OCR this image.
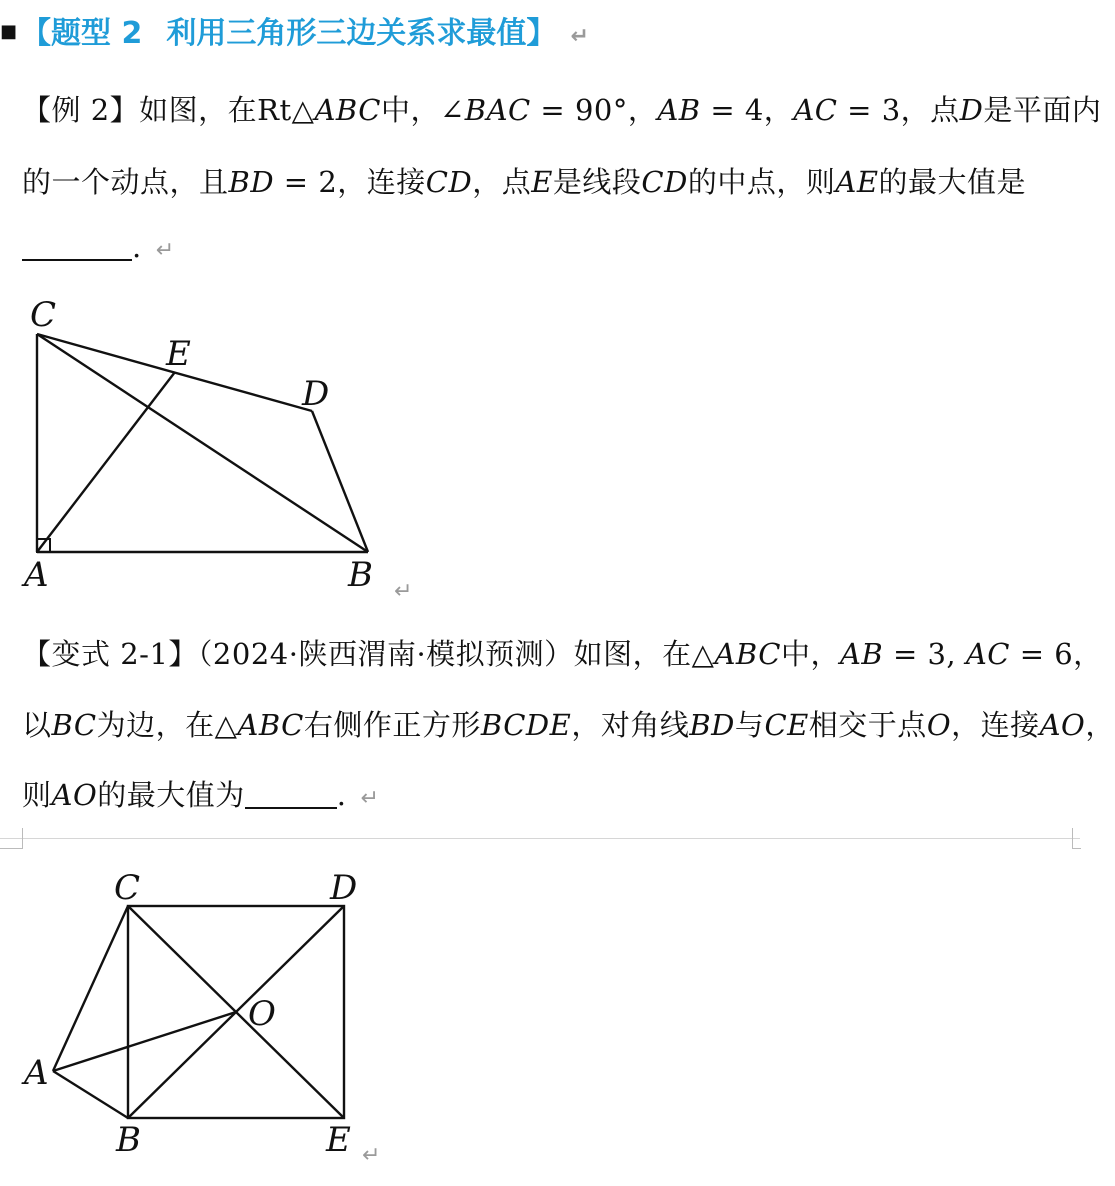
■ 【题型 2 利用三角形三边关系求最值】 ↵
【例 2】如图，在Rt△ABC中，∠BAC = 90°，AB = 4，AC = 3，点D是平面内
的一个动点，且BD = 2，连接CD，点E是线段CD的中点，则AE的最大值是
. ↵
C
E
D
A	B ↵
【变式 2-1】（2024·陕西渭南·模拟预测）如图，在△ABC中，AB = 3, AC = 6，
以BC为边，在△ABC右侧作正方形BCDE，对角线BD与CE相交于点O，连接AO，
则AO的最大值为	. ↵
C	D
O
A
B	E ↵
